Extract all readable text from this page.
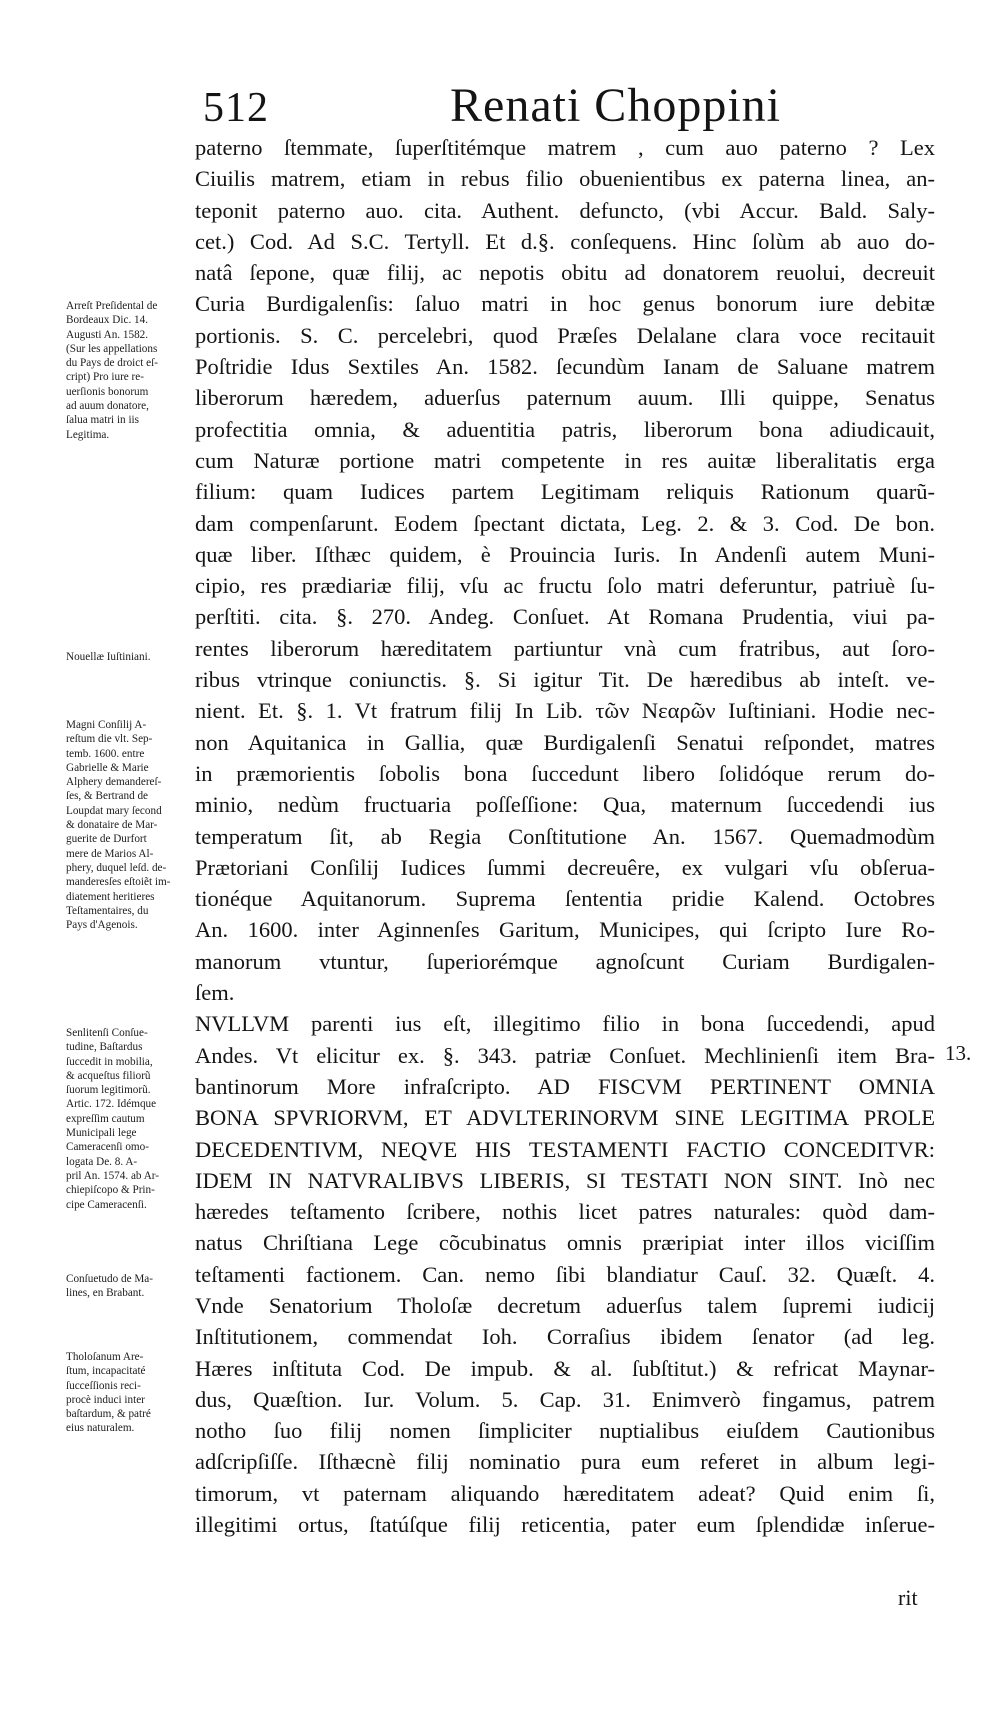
512	Renati Choppini
paterno ſtemmate, ſuperſtitémque matrem , cum auo paterno ? Lex
Ciuilis matrem, etiam in rebus filio obuenientibus ex paterna linea, an-
teponit paterno auo. cita. Authent. defuncto, (vbi Accur. Bald. Saly-
cet.) Cod. Ad S.C. Tertyll. Et d.§. conſequens. Hinc ſolùm ab auo do-
natâ ſepone, quæ filij, ac nepotis obitu ad donatorem reuolui, decreuit
Curia Burdigalenſis: ſaluo matri in hoc genus bonorum iure debitæ
portionis. S. C. percelebri, quod Præſes Delalane clara voce recitauit
Poſtridie Idus Sextiles An. 1582. ſecundùm Ianam de Saluane matrem
liberorum hæredem, aduerſus paternum auum. Illi quippe, Senatus
profectitia omnia, & aduentitia patris, liberorum bona adiudicauit,
cum Naturæ portione matri competente in res auitæ liberalitatis erga
filium: quam Iudices partem Legitimam reliquis Rationum quarũ-
dam compenſarunt. Eodem ſpectant dictata, Leg. 2. & 3. Cod. De bon.
quæ liber. Iſthæc quidem, è Prouincia Iuris. In Andenſi autem Muni-
cipio, res prædiariæ filij, vſu ac fructu ſolo matri deferuntur, patriuè ſu-
perſtiti. cita. §. 270. Andeg. Conſuet. At Romana Prudentia, viui pa-
rentes liberorum hæreditatem partiuntur vnà cum fratribus, aut ſoro-
ribus vtrinque coniunctis. §. Si igitur Tit. De hæredibus ab inteſt. ve-
nient. Et. §. 1. Vt fratrum filij In Lib. τῶν Νεαρῶν Iuſtiniani. Hodie nec-
non Aquitanica in Gallia, quæ Burdigalenſi Senatui reſpondet, matres
in præmorientis ſobolis bona ſuccedunt libero ſolidóque rerum do-
minio, nedùm fructuaria poſſeſſione: Qua, maternum ſuccedendi ius
temperatum ſit, ab Regia Conſtitutione An. 1567. Quemadmodùm
Prætoriani Conſilij Iudices ſummi decreuêre, ex vulgari vſu obſerua-
tionéque Aquitanorum. Suprema ſententia pridie Kalend. Octobres
An. 1600. inter Aginnenſes Garitum, Municipes, qui ſcripto Iure Ro-
manorum vtuntur, ſuperiorémque agnoſcunt Curiam Burdigalen-
ſem.
NVLLVM parenti ius eſt, illegitimo filio in bona ſuccedendi, apud
Andes. Vt elicitur ex. §. 343. patriæ Conſuet. Mechlinienſi item Bra-
bantinorum More infraſcripto. AD FISCVM PERTINENT OMNIA
BONA SPVRIORVM, ET ADVLTERINORVM SINE LEGITIMA PROLE
DECEDENTIVM, NEQVE HIS TESTAMENTI FACTIO CONCEDITVR:
IDEM IN NATVRALIBVS LIBERIS, SI TESTATI NON SINT. Inò nec
hæredes teſtamento ſcribere, nothis licet patres naturales: quòd dam-
natus Chriſtiana Lege cõcubinatus omnis præripiat inter illos viciſſim
teſtamenti factionem. Can. nemo ſibi blandiatur Cauſ. 32. Quæſt. 4.
Vnde Senatorium Tholoſæ decretum aduerſus talem ſupremi iudicij
Inſtitutionem, commendat Ioh. Corraſius ibidem ſenator (ad leg.
Hæres inſtituta Cod. De impub. & al. ſubſtitut.) & refricat Maynar-
dus, Quæſtion. Iur. Volum. 5. Cap. 31. Enimverò fingamus, patrem
notho ſuo filij nomen ſimpliciter nuptialibus eiuſdem Cautionibus
adſcripſiſſe. Iſthæcnè filij nominatio pura eum referet in album legi-
timorum, vt paternam aliquando hæreditatem adeat? Quid enim ſi,
illegitimi ortus, ſtatúſque filij reticentia, pater eum ſplendidæ inſerue-
Arreſt Preſidental de
Bordeaux Dic. 14.
Augusti An. 1582.
(Sur les appellations
du Pays de droict eſ-
cript) Pro iure re-
uerſionis bonorum
ad auum donatore,
ſalua matri in iis
Legitima.
Nouellæ Iuſtiniani.
Magni Conſilij A-
reſtum die vlt. Sep-
temb. 1600. entre
Gabrielle & Marie
Alphery demandereſ-
ſes, & Bertrand de
Loupdat mary ſecond
& donataire de Mar-
guerite de Durfort
mere de Marios Al-
phery, duquel leſd. de-
manderesſes eſtoiẽt im-
diatement heritieres
Teſtamentaires, du
Pays d'Agenois.
Senlitenſi Conſue-
tudine, Baſtardus
ſuccedit in mobilia,
& acqueſtus filiorũ
ſuorum legitimorũ.
Artic. 172. Idémque
expreſſim cautum
Municipali lege
Cameracenſi omo-
logata De. 8. A-
pril An. 1574. ab Ar-
chiepiſcopo & Prin-
cipe Cameracenſi.
Conſuetudo de Ma-
lines, en Brabant.
Tholoſanum Are-
ſtum, incapacitaté
ſucceſſionis reci-
procè induci inter
baſtardum, & patré
eius naturalem.
13.
rit
